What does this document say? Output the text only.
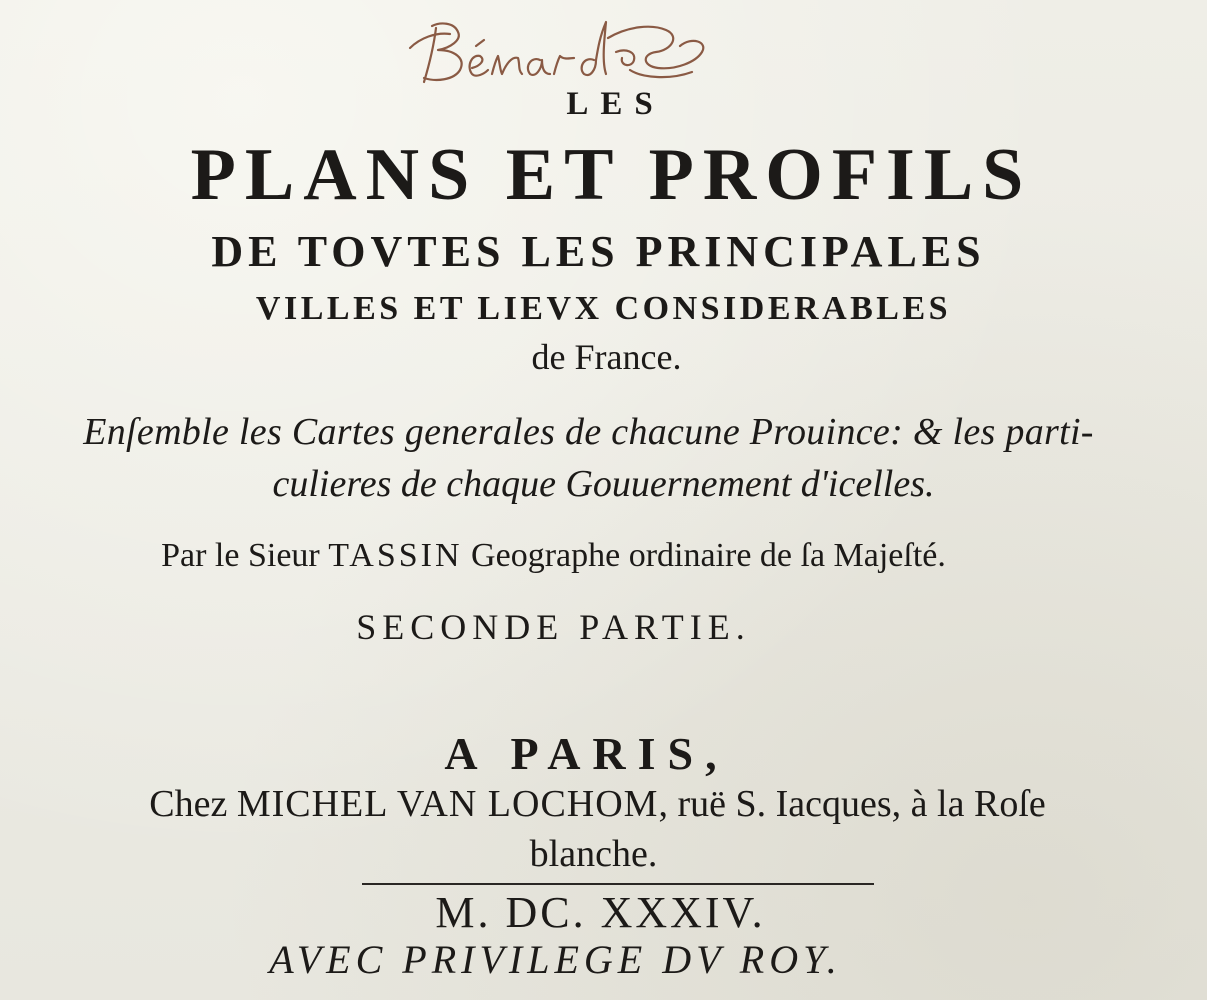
LES
PLANS ET PROFILS
DE TOVTES LES PRINCIPALES
VILLES ET LIEVX CONSIDERABLES
de France.
Enſemble les Cartes generales de chacune Prouince: & les parti-
culieres de chaque Gouuernement d'icelles.
Par le Sieur TASSIN Geographe ordinaire de ſa Majeſté.
SECONDE PARTIE.
A PARIS,
Chez MICHEL VAN LOCHOM, ruë S. Iacques, à la Roſe
blanche.
M. DC. XXXIV.
AVEC PRIVILEGE DV ROY.
